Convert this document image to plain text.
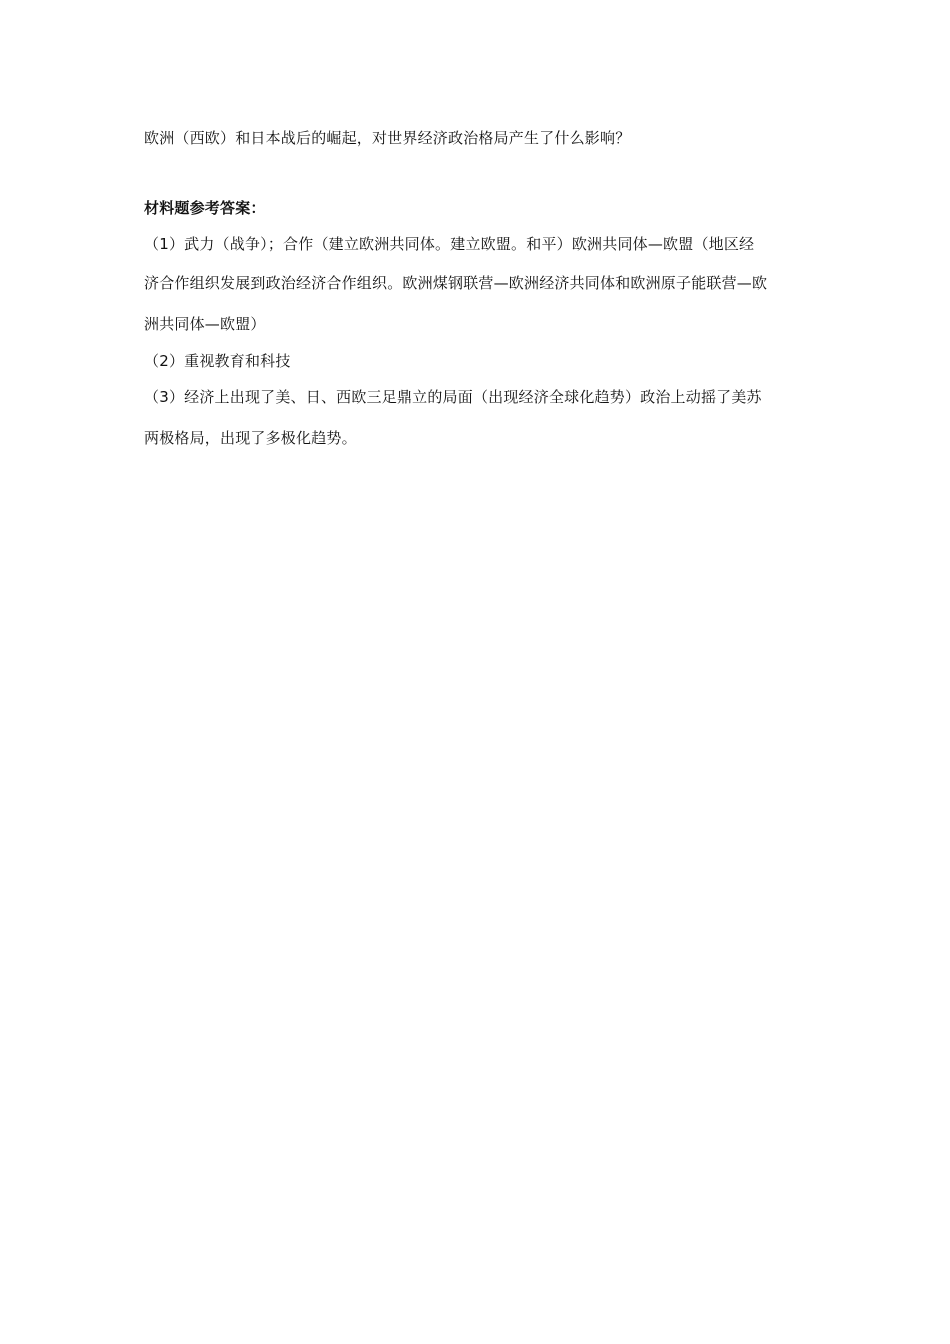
欧洲（西欧）和日本战后的崛起，对世界经济政治格局产生了什么影响？
材料题参考答案：
（1）武力（战争）；合作（建立欧洲共同体。建立欧盟。和平）欧洲共同体—欧盟（地区经
济合作组织发展到政治经济合作组织。欧洲煤钢联营—欧洲经济共同体和欧洲原子能联营—欧
洲共同体—欧盟）
（2）重视教育和科技
（3）经济上出现了美、日、西欧三足鼎立的局面（出现经济全球化趋势）政治上动摇了美苏
两极格局，出现了多极化趋势。
